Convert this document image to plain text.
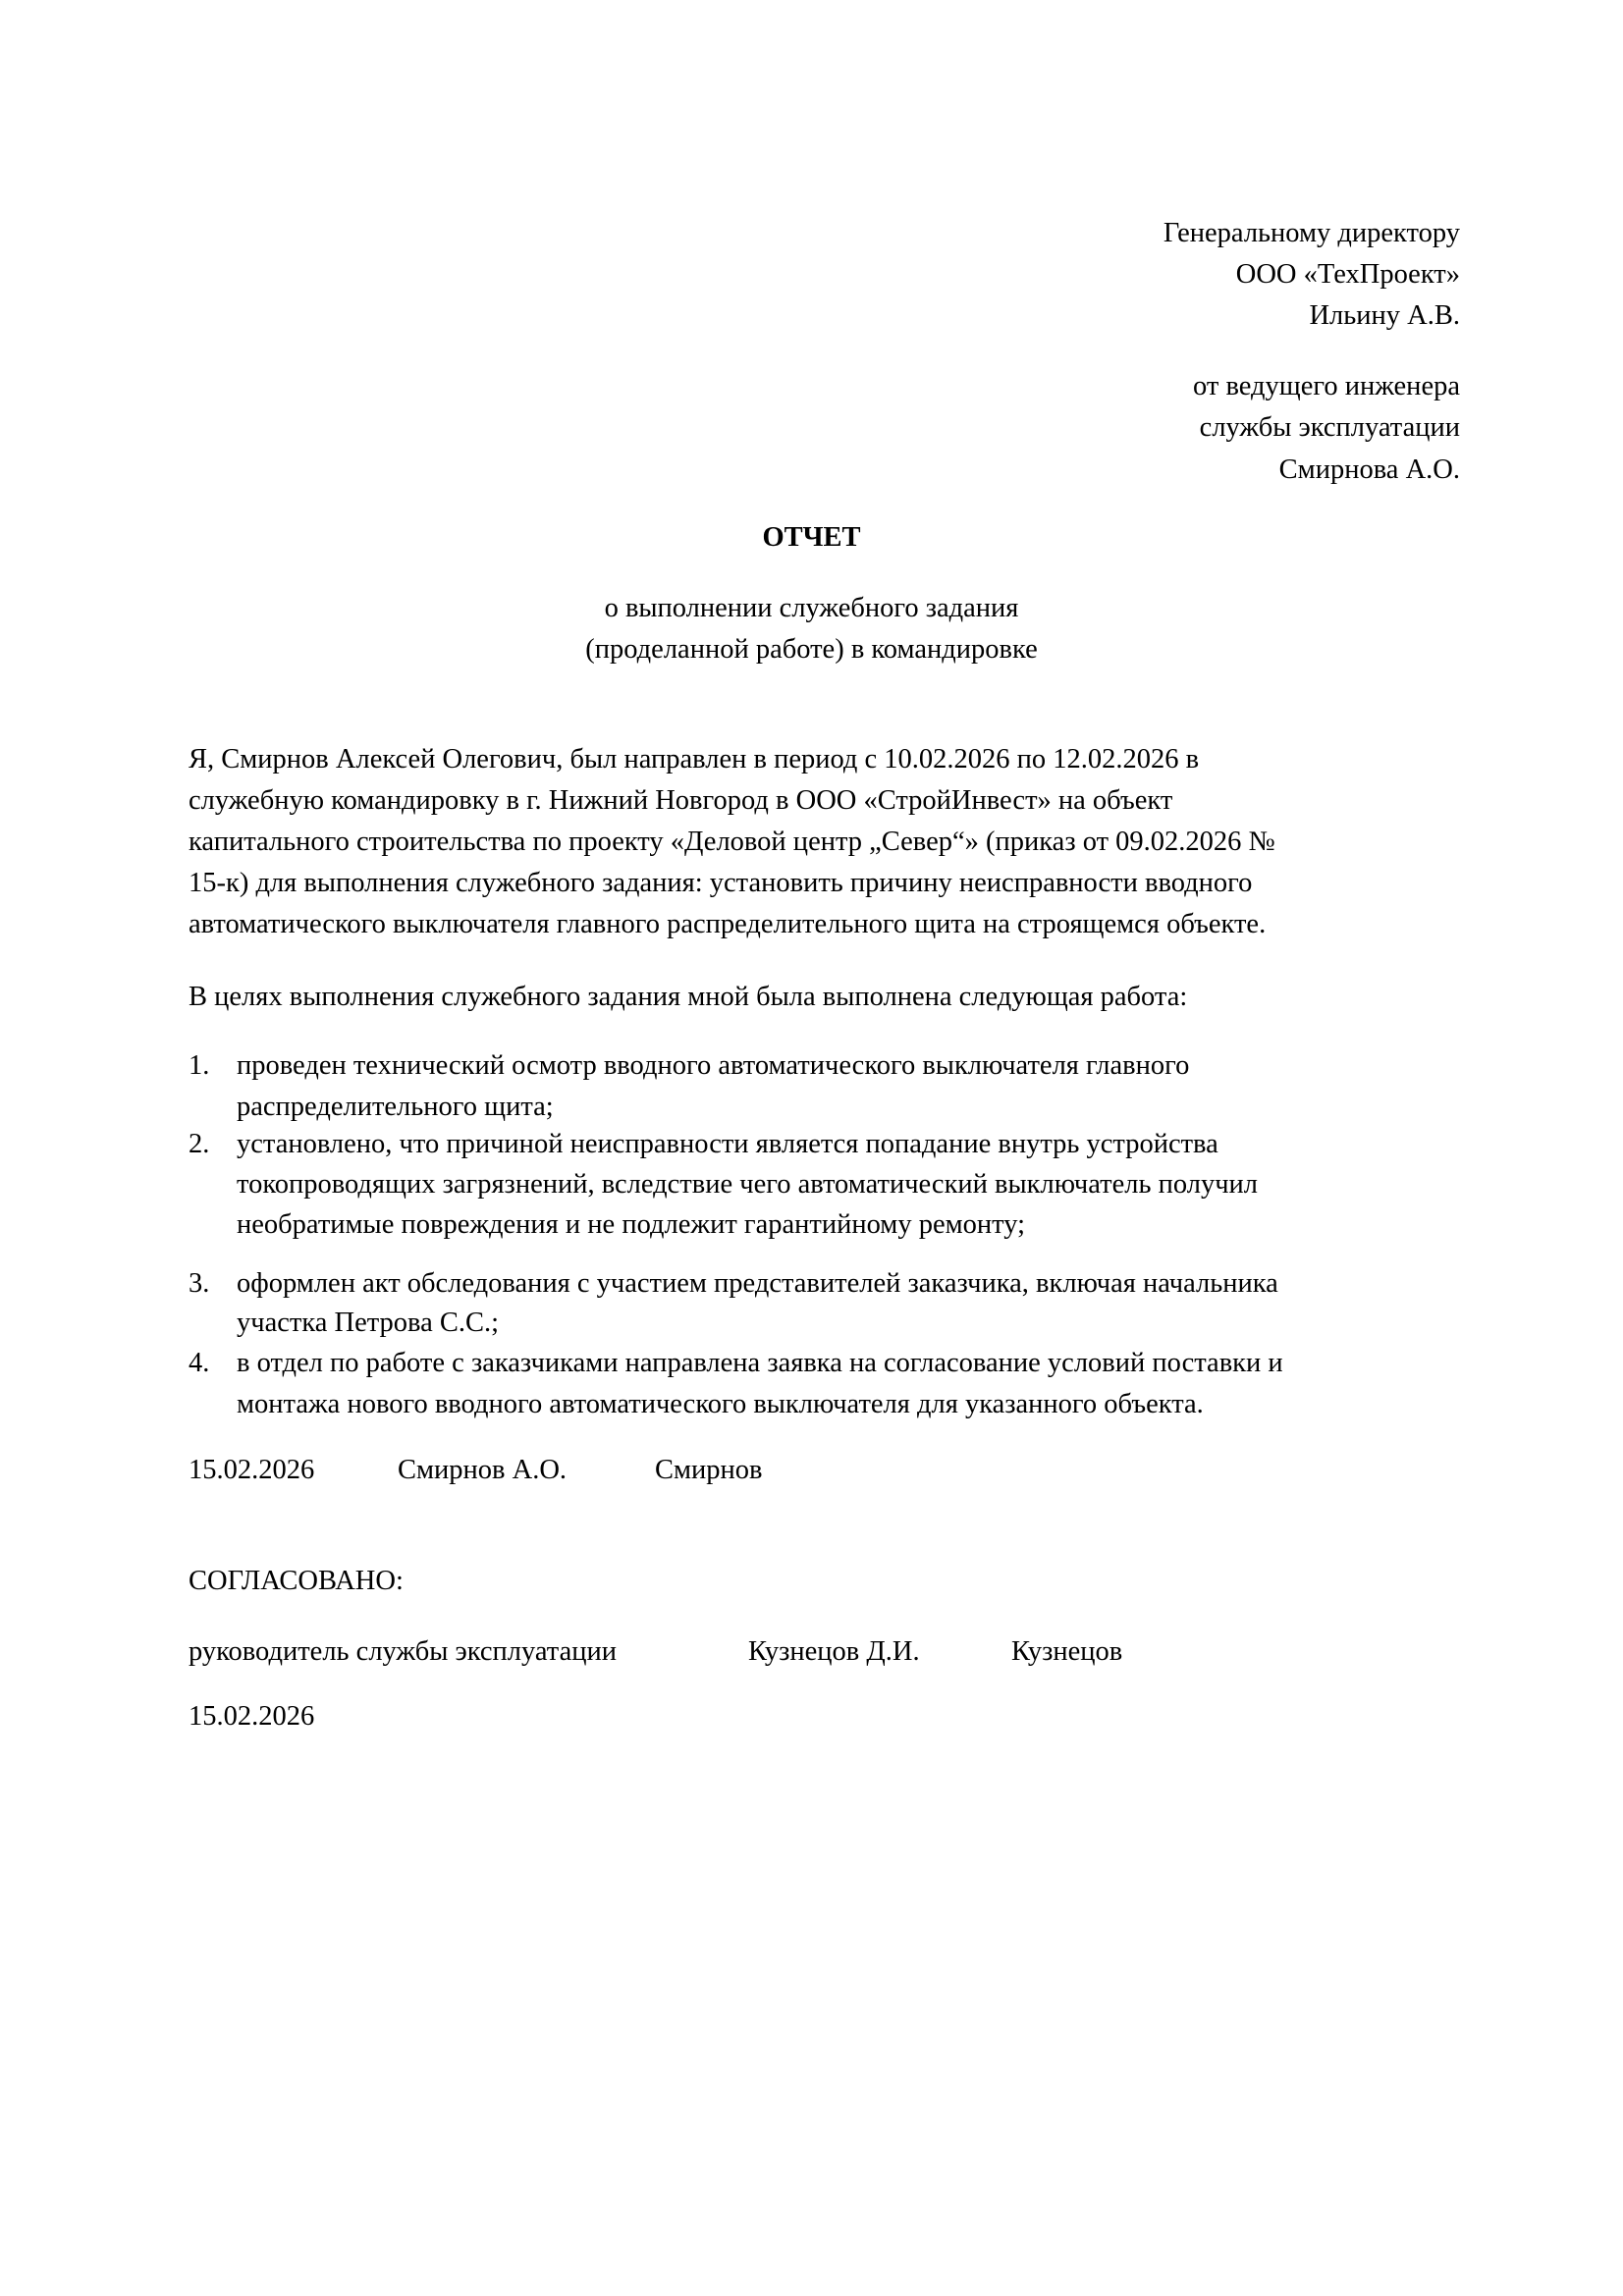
Генеральному директору
ООО «ТехПроект»
Ильину А.В.
от ведущего инженера
службы эксплуатации
Смирнова А.О.
ОТЧЕТ
о выполнении служебного задания
(проделанной работе) в командировке
Я, Смирнов Алексей Олегович, был направлен в период с 10.02.2026 по 12.02.2026 в
служебную командировку в г. Нижний Новгород в ООО «СтройИнвест» на объект
капитального строительства по проекту «Деловой центр „Север“» (приказ от 09.02.2026 №
15-к) для выполнения служебного задания: установить причину неисправности вводного
автоматического выключателя главного распределительного щита на строящемся объекте.
В целях выполнения служебного задания мной была выполнена следующая работа:
1. проведен технический осмотр вводного автоматического выключателя главного
распределительного щита;
2. установлено, что причиной неисправности является попадание внутрь устройства
токопроводящих загрязнений, вследствие чего автоматический выключатель получил
необратимые повреждения и не подлежит гарантийному ремонту;
3. оформлен акт обследования с участием представителей заказчика, включая начальника
участка Петрова С.С.;
4. в отдел по работе с заказчиками направлена заявка на согласование условий поставки и
монтажа нового вводного автоматического выключателя для указанного объекта.
15.02.2026	Смирнов А.О.	Смирнов
СОГЛАСОВАНО:
руководитель службы эксплуатации	Кузнецов Д.И.	Кузнецов
15.02.2026
